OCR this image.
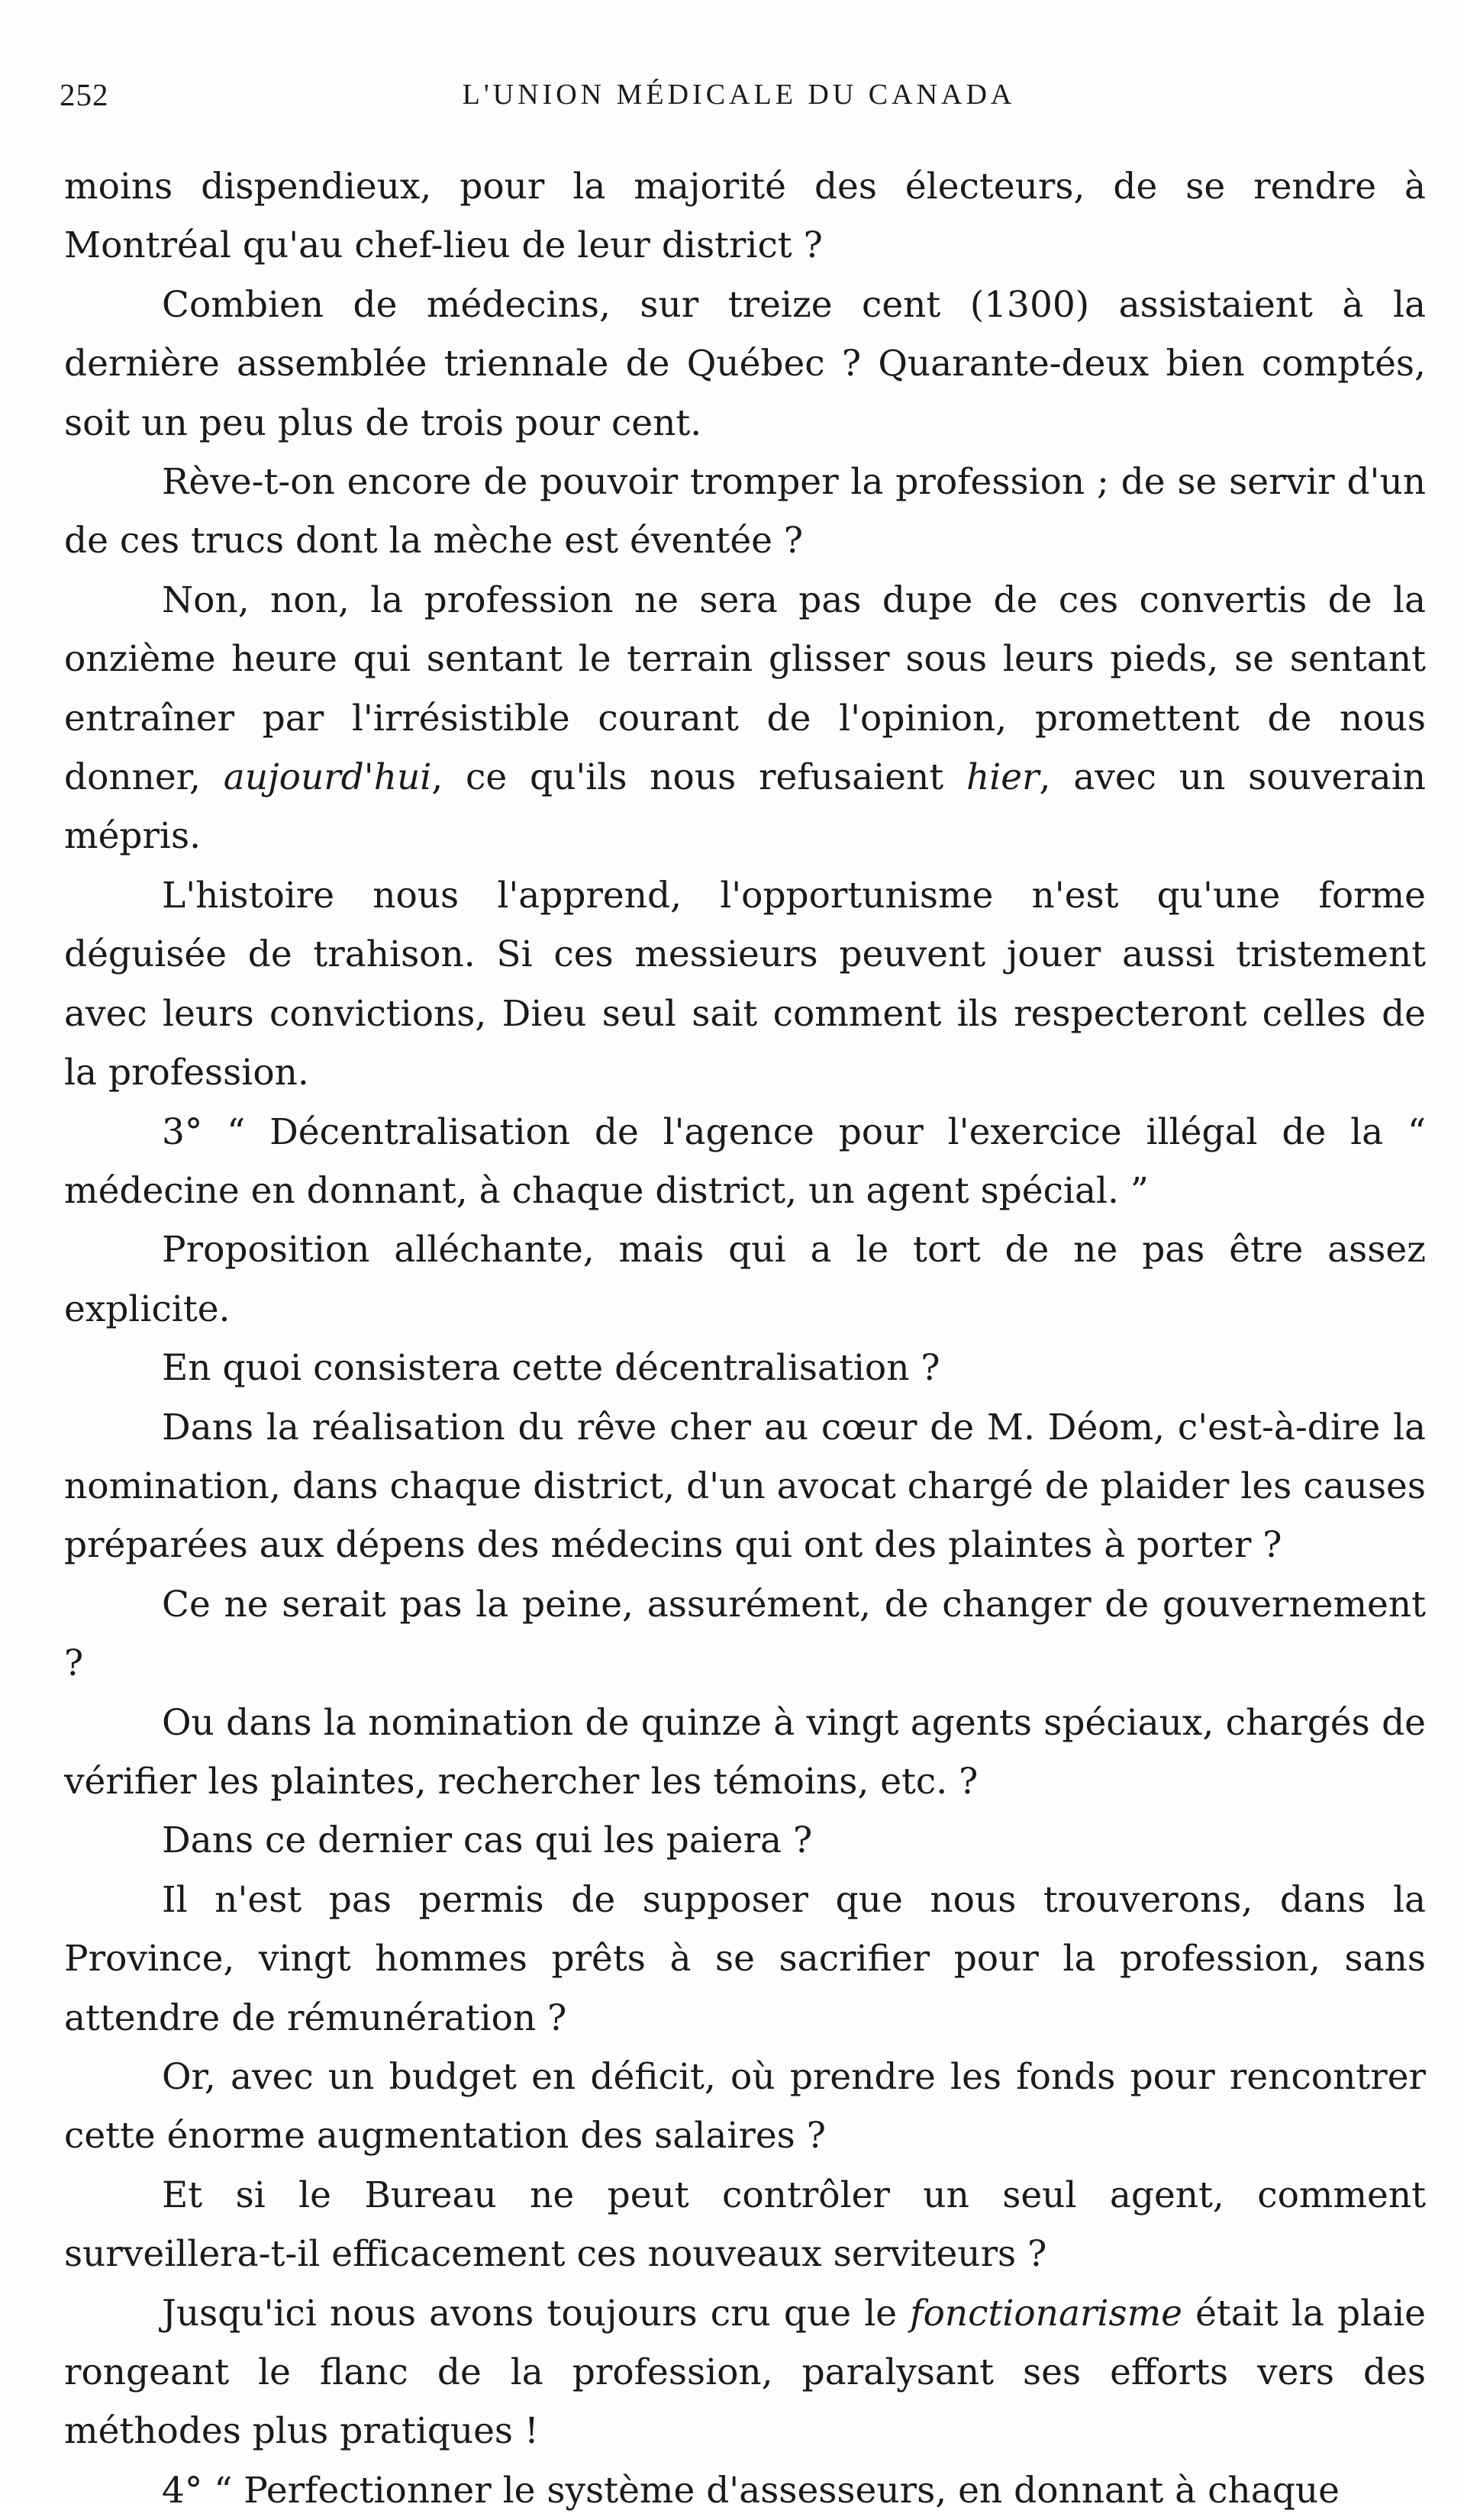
252	L'UNION MÉDICALE DU CANADA

moins dispendieux, pour la majorité des électeurs, de se rendre à Montréal qu'au chef-lieu de leur district ?

Combien de médecins, sur treize cent (1300) assistaient à la dernière assemblée triennale de Québec ? Quarante-deux bien comptés, soit un peu plus de trois pour cent.

Rève-t-on encore de pouvoir tromper la profession ; de se servir d'un de ces trucs dont la mèche est éventée ?

Non, non, la profession ne sera pas dupe de ces convertis de la onzième heure qui sentant le terrain glisser sous leurs pieds, se sentant entraîner par l'irrésistible courant de l'opinion, promettent de nous donner, aujourd'hui, ce qu'ils nous refusaient hier, avec un souverain mépris.

L'histoire nous l'apprend, l'opportunisme n'est qu'une forme déguisée de trahison. Si ces messieurs peuvent jouer aussi tristement avec leurs convictions, Dieu seul sait comment ils respecteront celles de la profession.

3° “ Décentralisation de l'agence pour l'exercice illégal de la “ médecine en donnant, à chaque district, un agent spécial. ”

Proposition alléchante, mais qui a le tort de ne pas être assez explicite.

En quoi consistera cette décentralisation ?

Dans la réalisation du rêve cher au cœur de M. Déom, c'est-à-dire la nomination, dans chaque district, d'un avocat chargé de plaider les causes préparées aux dépens des médecins qui ont des plaintes à porter ?

Ce ne serait pas la peine, assurément, de changer de gouvernement ?

Ou dans la nomination de quinze à vingt agents spéciaux, chargés de vérifier les plaintes, rechercher les témoins, etc. ?

Dans ce dernier cas qui les paiera ?

Il n'est pas permis de supposer que nous trouverons, dans la Province, vingt hommes prêts à se sacrifier pour la profession, sans attendre de rémunération ?

Or, avec un budget en déficit, où prendre les fonds pour rencontrer cette énorme augmentation des salaires ?

Et si le Bureau ne peut contrôler un seul agent, comment surveillera-t-il efficacement ces nouveaux serviteurs ?

Jusqu'ici nous avons toujours cru que le fonctionarisme était la plaie rongeant le flanc de la profession, paralysant ses efforts vers des méthodes plus pratiques !

4° “ Perfectionner le système d'assesseurs, en donnant à chaque
